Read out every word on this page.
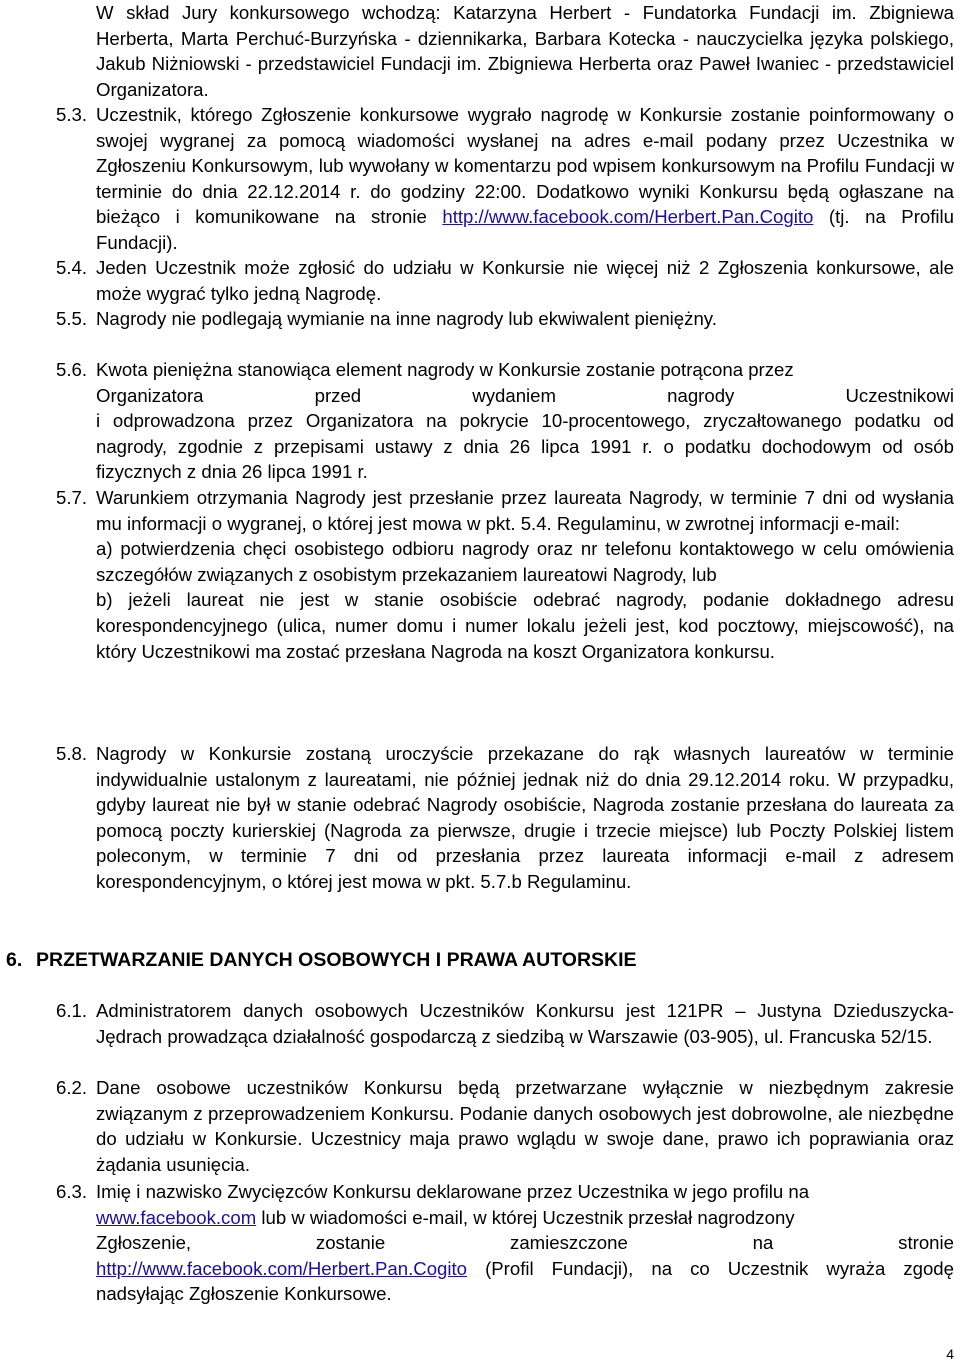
W skład Jury konkursowego wchodzą: Katarzyna Herbert - Fundatorka Fundacji im. Zbigniewa Herberta, Marta Perchuć-Burzyńska - dziennikarka, Barbara Kotecka - nauczycielka języka polskiego, Jakub Niżniowski - przedstawiciel Fundacji im. Zbigniewa Herberta oraz Paweł Iwaniec - przedstawiciel Organizatora.
5.3. Uczestnik, którego Zgłoszenie konkursowe wygrało nagrodę w Konkursie zostanie poinformowany o swojej wygranej za pomocą wiadomości wysłanej na adres e-mail podany przez Uczestnika w Zgłoszeniu Konkursowym, lub wywołany w komentarzu pod wpisem konkursowym na Profilu Fundacji w terminie do dnia 22.12.2014 r. do godziny 22:00. Dodatkowo wyniki Konkursu będą ogłaszane na bieżąco i komunikowane na stronie http://www.facebook.com/Herbert.Pan.Cogito (tj. na Profilu Fundacji).
5.4. Jeden Uczestnik może zgłosić do udziału w Konkursie nie więcej niż 2 Zgłoszenia konkursowe, ale może wygrać tylko jedną Nagrodę.
5.5. Nagrody nie podlegają wymianie na inne nagrody lub ekwiwalent pieniężny.
5.6. Kwota pieniężna stanowiąca element nagrody w Konkursie zostanie potrącona przez
Organizatora	przed	wydaniem	nagrody	Uczestnikowi
i odprowadzona przez Organizatora na pokrycie 10-procentowego, zryczałtowanego podatku od nagrody, zgodnie z przepisami ustawy z dnia 26 lipca 1991 r. o podatku dochodowym od osób fizycznych z dnia 26 lipca 1991 r.
5.7. Warunkiem otrzymania Nagrody jest przesłanie przez laureata Nagrody, w terminie 7 dni od wysłania mu informacji o wygranej, o której jest mowa w pkt. 5.4. Regulaminu, w zwrotnej informacji e-mail:
a) potwierdzenia chęci osobistego odbioru nagrody oraz nr telefonu kontaktowego w celu omówienia szczegółów związanych z osobistym przekazaniem laureatowi Nagrody, lub
b) jeżeli laureat nie jest w stanie osobiście odebrać nagrody, podanie dokładnego adresu korespondencyjnego (ulica, numer domu i numer lokalu jeżeli jest, kod pocztowy, miejscowość), na który Uczestnikowi ma zostać przesłana Nagroda na koszt Organizatora konkursu.
5.8. Nagrody w Konkursie zostaną uroczyście przekazane do rąk własnych laureatów w terminie indywidualnie ustalonym z laureatami, nie później jednak niż do dnia 29.12.2014 roku. W przypadku, gdyby laureat nie był w stanie odebrać Nagrody osobiście, Nagroda zostanie przesłana do laureata za pomocą poczty kurierskiej (Nagroda za pierwsze, drugie i trzecie miejsce) lub Poczty Polskiej listem poleconym, w terminie 7 dni od przesłania przez laureata informacji e-mail z adresem korespondencyjnym, o której jest mowa w pkt. 5.7.b Regulaminu.
6. PRZETWARZANIE DANYCH OSOBOWYCH I PRAWA AUTORSKIE
6.1. Administratorem danych osobowych Uczestników Konkursu jest 121PR – Justyna Dzieduszycka-Jędrach prowadząca działalność gospodarczą z siedzibą w Warszawie (03-905), ul. Francuska 52/15.
6.2. Dane osobowe uczestników Konkursu będą przetwarzane wyłącznie w niezbędnym zakresie związanym z przeprowadzeniem Konkursu. Podanie danych osobowych jest dobrowolne, ale niezbędne do udziału w Konkursie. Uczestnicy maja prawo wglądu w swoje dane, prawo ich poprawiania oraz żądania usunięcia.
6.3. Imię i nazwisko Zwycięzców Konkursu deklarowane przez Uczestnika w jego profilu na
www.facebook.com lub w wiadomości e-mail, w której Uczestnik przesłał nagrodzony
Zgłoszenie,	zostanie	zamieszczone	na	stronie
http://www.facebook.com/Herbert.Pan.Cogito (Profil Fundacji), na co Uczestnik wyraża zgodę nadsyłając Zgłoszenie Konkursowe.
4
